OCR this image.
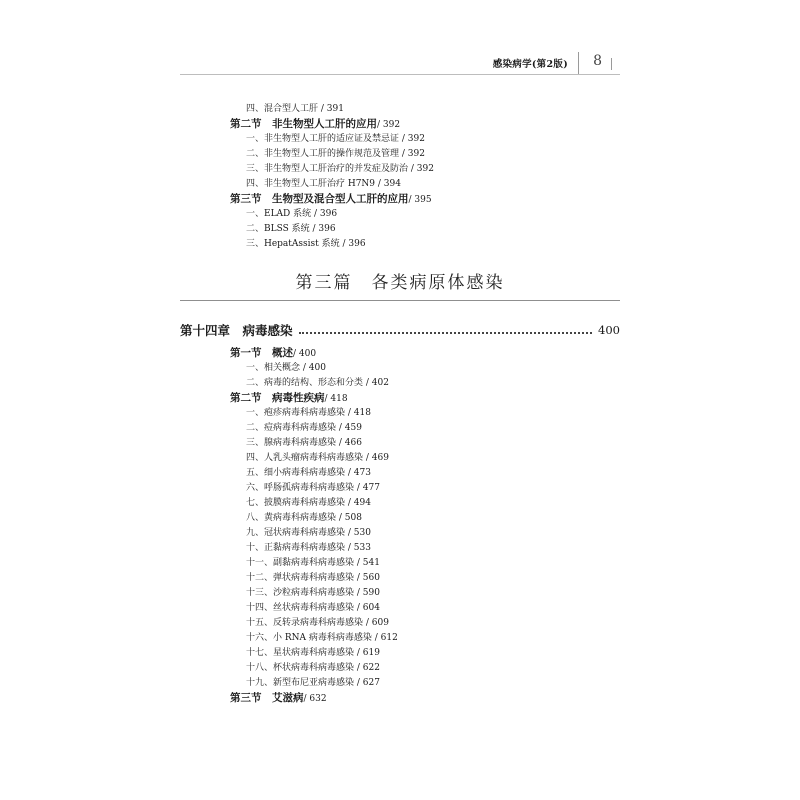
感染病学(第2版) 8
四、混合型人工肝 / 391
第二节　非生物型人工肝的应用/ 392
一、非生物型人工肝的适应证及禁忌证 / 392
二、非生物型人工肝的操作规范及管理 / 392
三、非生物型人工肝治疗的并发症及防治 / 392
四、非生物型人工肝治疗 H7N9 / 394
第三节　生物型及混合型人工肝的应用/ 395
一、ELAD 系统 / 396
二、BLSS 系统 / 396
三、HepatAssist 系统 / 396
第三篇　各类病原体感染
第十四章　病毒感染	400
第一节　概述/ 400
一、相关概念 / 400
二、病毒的结构、形态和分类 / 402
第二节　病毒性疾病/ 418
一、疱疹病毒科病毒感染 / 418
二、痘病毒科病毒感染 / 459
三、腺病毒科病毒感染 / 466
四、人乳头瘤病毒科病毒感染 / 469
五、细小病毒科病毒感染 / 473
六、呼肠孤病毒科病毒感染 / 477
七、披膜病毒科病毒感染 / 494
八、黄病毒科病毒感染 / 508
九、冠状病毒科病毒感染 / 530
十、正黏病毒科病毒感染 / 533
十一、副黏病毒科病毒感染 / 541
十二、弹状病毒科病毒感染 / 560
十三、沙粒病毒科病毒感染 / 590
十四、丝状病毒科病毒感染 / 604
十五、反转录病毒科病毒感染 / 609
十六、小 RNA 病毒科病毒感染 / 612
十七、星状病毒科病毒感染 / 619
十八、杯状病毒科病毒感染 / 622
十九、新型布尼亚病毒感染 / 627
第三节　艾滋病/ 632
